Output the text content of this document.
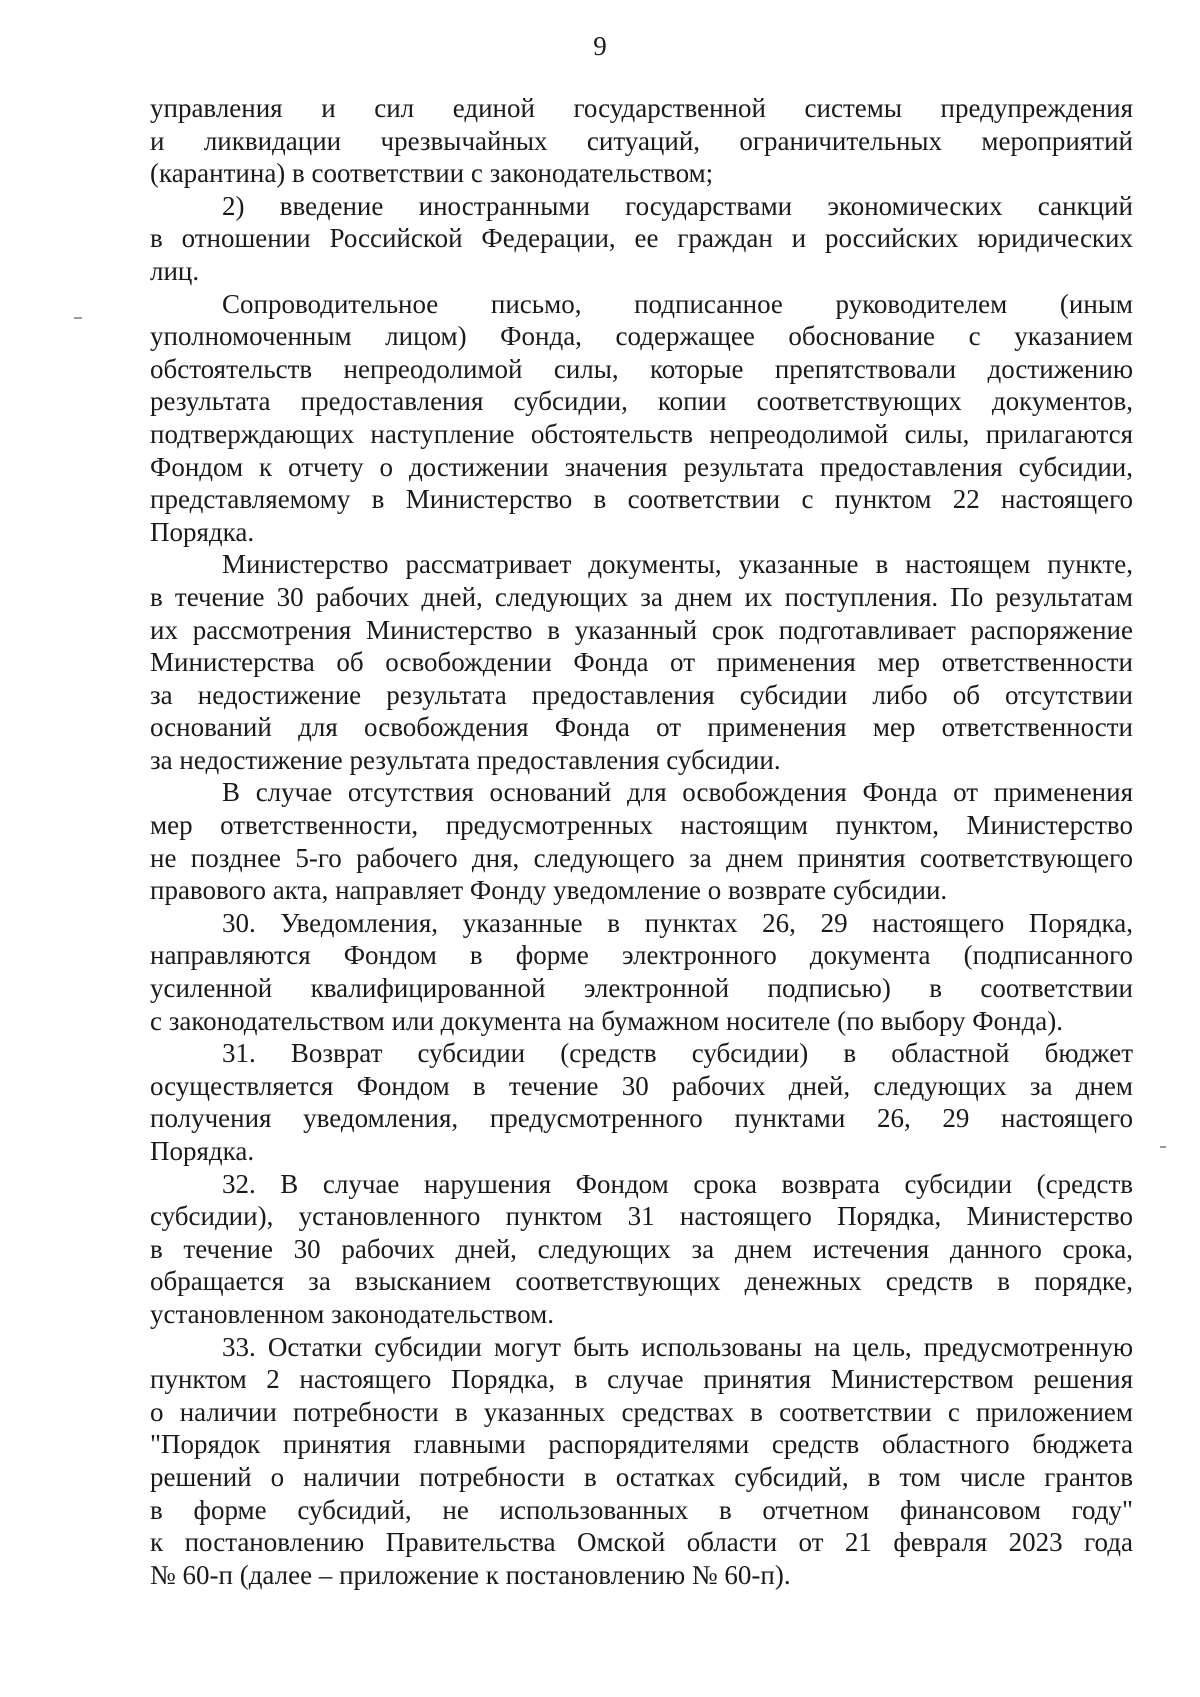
9

управления и сил единой государственной системы предупреждения
и ликвидации чрезвычайных ситуаций, ограничительных мероприятий
(карантина) в соответствии с законодательством;

2) введение иностранными государствами экономических санкций
в отношении Российской Федерации, ее граждан и российских юридических
лиц.

Сопроводительное письмо, подписанное руководителем (иным
уполномоченным лицом) Фонда, содержащее обоснование с указанием
обстоятельств непреодолимой силы, которые препятствовали достижению
результата предоставления субсидии, копии соответствующих документов,
подтверждающих наступление обстоятельств непреодолимой силы, прилагаются
Фондом к отчету о достижении значения результата предоставления субсидии,
представляемому в Министерство в соответствии с пунктом 22 настоящего
Порядка.

Министерство рассматривает документы, указанные в настоящем пункте,
в течение 30 рабочих дней, следующих за днем их поступления. По результатам
их рассмотрения Министерство в указанный срок подготавливает распоряжение
Министерства об освобождении Фонда от применения мер ответственности
за недостижение результата предоставления субсидии либо об отсутствии
оснований для освобождения Фонда от применения мер ответственности
за недостижение результата предоставления субсидии.

В случае отсутствия оснований для освобождения Фонда от применения
мер ответственности, предусмотренных настоящим пунктом, Министерство
не позднее 5-го рабочего дня, следующего за днем принятия соответствующего
правового акта, направляет Фонду уведомление о возврате субсидии.

30. Уведомления, указанные в пунктах 26, 29 настоящего Порядка,
направляются Фондом в форме электронного документа (подписанного
усиленной квалифицированной электронной подписью) в соответствии
с законодательством или документа на бумажном носителе (по выбору Фонда).

31. Возврат субсидии (средств субсидии) в областной бюджет
осуществляется Фондом в течение 30 рабочих дней, следующих за днем
получения уведомления, предусмотренного пунктами 26, 29 настоящего
Порядка.

32. В случае нарушения Фондом срока возврата субсидии (средств
субсидии), установленного пунктом 31 настоящего Порядка, Министерство
в течение 30 рабочих дней, следующих за днем истечения данного срока,
обращается за взысканием соответствующих денежных средств в порядке,
установленном законодательством.

33. Остатки субсидии могут быть использованы на цель, предусмотренную
пунктом 2 настоящего Порядка, в случае принятия Министерством решения
о наличии потребности в указанных средствах в соответствии с приложением
"Порядок принятия главными распорядителями средств областного бюджета
решений о наличии потребности в остатках субсидий, в том числе грантов
в форме субсидий, не использованных в отчетном финансовом году"
к постановлению Правительства Омской области от 21 февраля 2023 года
№ 60-п (далее – приложение к постановлению № 60-п).
